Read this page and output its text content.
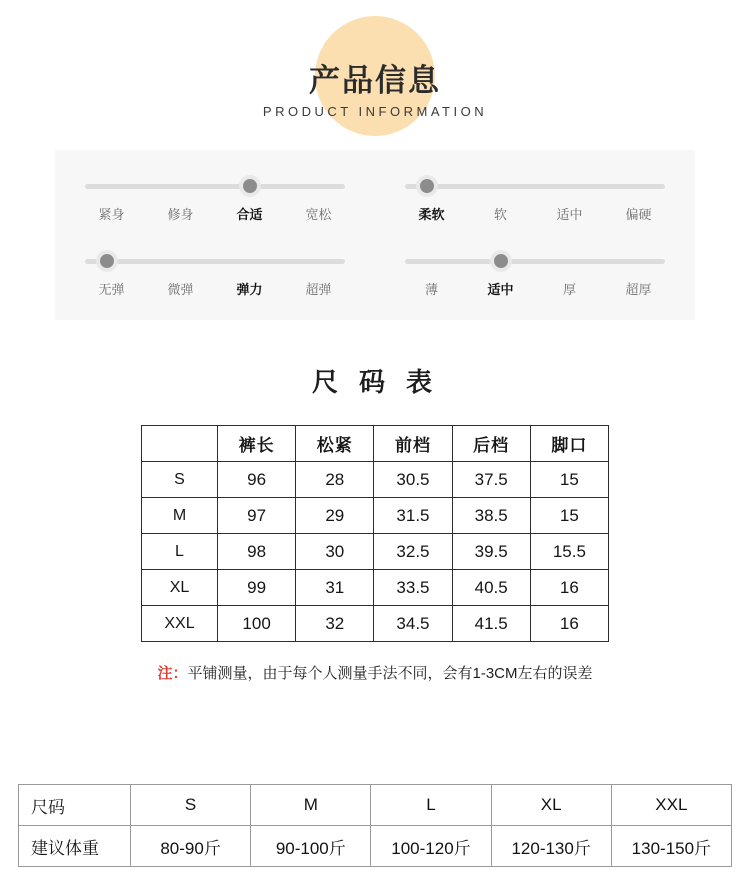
产品信息
PRODUCT INFORMATION
紧身	修身	合适	宽松	柔软	软	适中	偏硬
无弹	微弹	弹力	超弹	薄	适中	厚	超厚
尺 码 表
	裤长	松紧	前档	后档	脚口
S	96	28	30.5	37.5	15
M	97	29	31.5	38.5	15
L	98	30	32.5	39.5	15.5
XL	99	31	33.5	40.5	16
XXL	100	32	34.5	41.5	16
注：平铺测量，由于每个人测量手法不同，会有1-3CM左右的误差
尺码	S	M	L	XL	XXL
建议体重	80-90斤	90-100斤	100-120斤	120-130斤	130-150斤
